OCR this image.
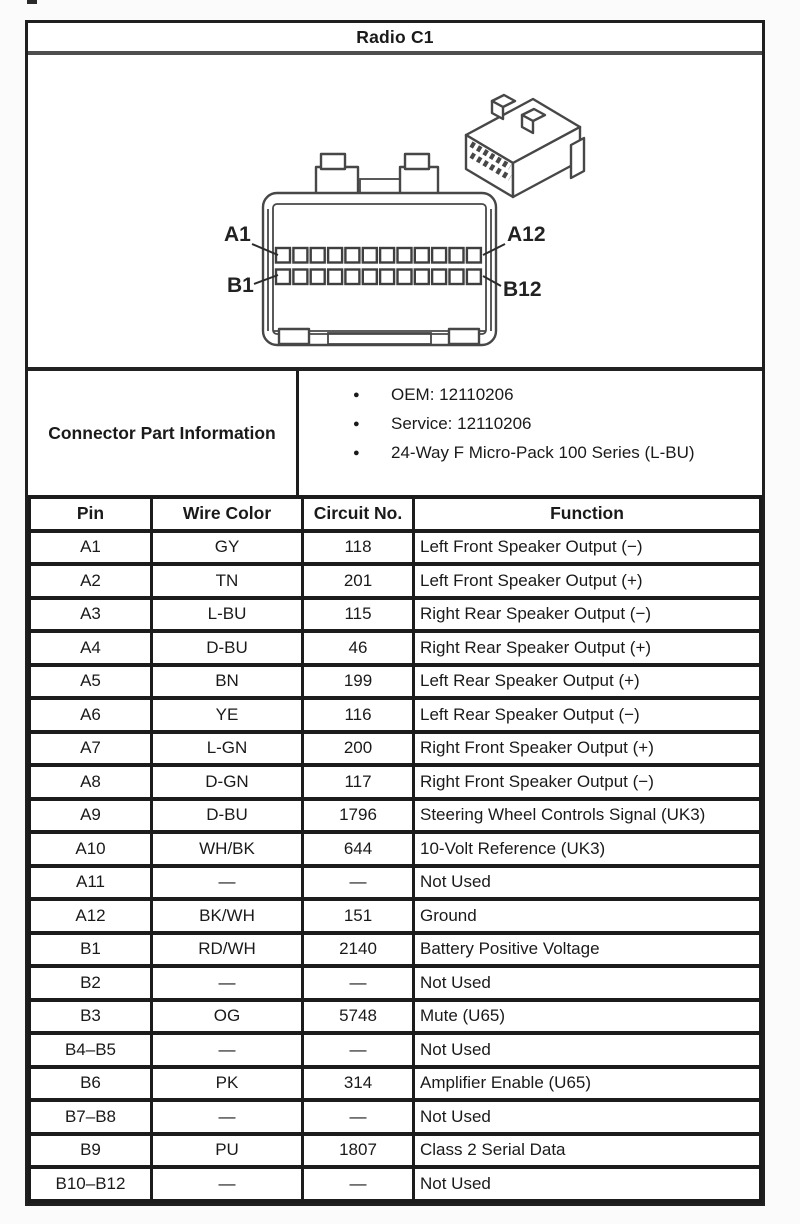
Radio C1
A1	A12
B1	B12
Connector Part Information
● OEM: 12110206
● Service: 12110206
● 24-Way F Micro-Pack 100 Series (L-BU)
Pin	Wire Color	Circuit No.	Function
A1	GY	118	Left Front Speaker Output (−)
A2	TN	201	Left Front Speaker Output (+)
A3	L-BU	115	Right Rear Speaker Output (−)
A4	D-BU	46	Right Rear Speaker Output (+)
A5	BN	199	Left Rear Speaker Output (+)
A6	YE	116	Left Rear Speaker Output (−)
A7	L-GN	200	Right Front Speaker Output (+)
A8	D-GN	117	Right Front Speaker Output (−)
A9	D-BU	1796	Steering Wheel Controls Signal (UK3)
A10	WH/BK	644	10-Volt Reference (UK3)
A11	—	—	Not Used
A12	BK/WH	151	Ground
B1	RD/WH	2140	Battery Positive Voltage
B2	—	—	Not Used
B3	OG	5748	Mute (U65)
B4–B5	—	—	Not Used
B6	PK	314	Amplifier Enable (U65)
B7–B8	—	—	Not Used
B9	PU	1807	Class 2 Serial Data
B10–B12	—	—	Not Used
